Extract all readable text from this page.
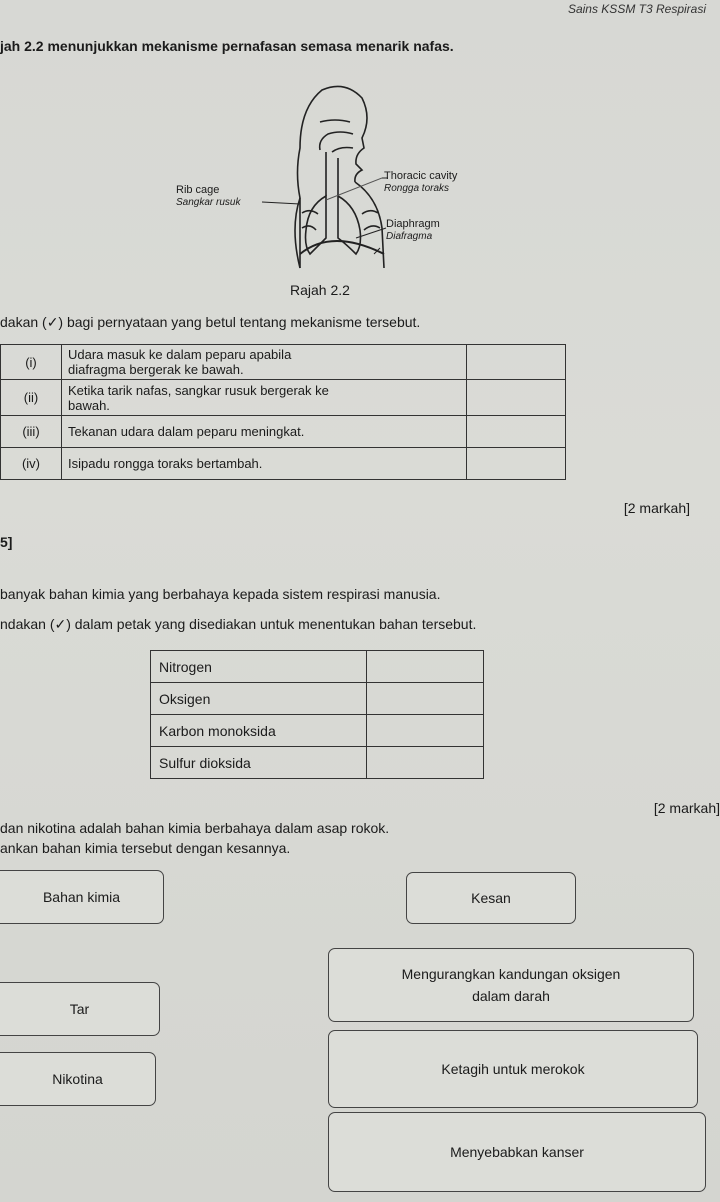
Sains KSSM T3 Respirasi
jah 2.2 menunjukkan mekanisme pernafasan semasa menarik nafas.
Rib cage
Sangkar rusuk
Thoracic cavity
Rongga toraks
Diaphragm
Diafragma
Rajah 2.2
dakan (✓) bagi pernyataan yang betul tentang mekanisme tersebut.
(i)	Udara masuk ke dalam peparu apabila
diafragma bergerak ke bawah.	
(ii)	Ketika tarik nafas, sangkar rusuk bergerak ke
bawah.	
(iii)	Tekanan udara dalam peparu meningkat.	
(iv)	Isipadu rongga toraks bertambah.	
[2 markah]
5]
banyak bahan kimia yang berbahaya kepada sistem respirasi manusia.
ndakan (✓) dalam petak yang disediakan untuk menentukan bahan tersebut.
Nitrogen	
Oksigen	
Karbon monoksida	
Sulfur dioksida	
[2 markah]
dan nikotina adalah bahan kimia berbahaya dalam asap rokok.
ankan bahan kimia tersebut dengan kesannya.
Bahan kimia	Kesan
Tar
Nikotina
Mengurangkan kandungan oksigen
dalam darah
Ketagih untuk merokok
Menyebabkan kanser
